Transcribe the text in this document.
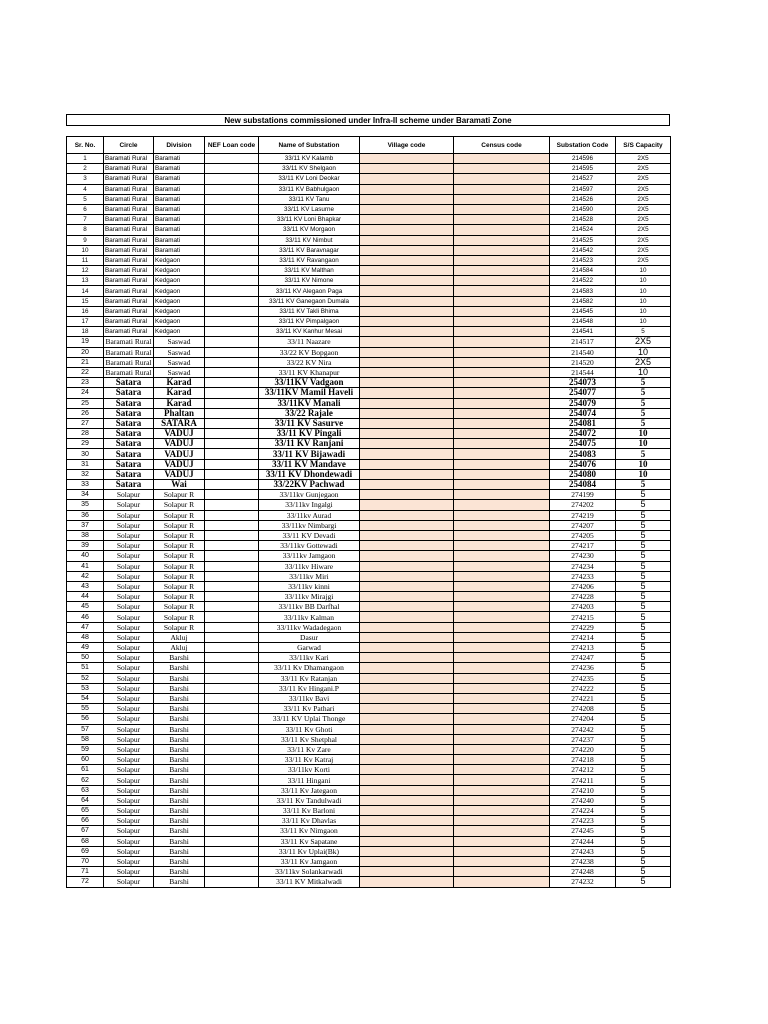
New substations commissioned under Infra-II scheme under Baramati Zone
Sr. No.	Circle	Division	NEF Loan code	Name of Substation	Village code	Census code	Substation Code	S/S Capacity
1	Baramati Rural	Baramati		33/11 KV Kalamb			214596	2X5
2	Baramati Rural	Baramati		33/11 KV Shelgaon			214595	2X5
3	Baramati Rural	Baramati		33/11 KV Loni Deokar			214527	2X5
4	Baramati Rural	Baramati		33/11 KV Babhulgaon			214597	2X5
5	Baramati Rural	Baramati		33/11 KV Tanu			214526	2X5
6	Baramati Rural	Baramati		33/11 KV Lasurne			214590	2X5
7	Baramati Rural	Baramati		33/11 KV Loni Bhapkar			214528	2X5
8	Baramati Rural	Baramati		33/11 KV Morgaon			214524	2X5
9	Baramati Rural	Baramati		33/11 KV Nimbut			214525	2X5
10	Baramati Rural	Baramati		33/11 KV Baravnagar			214542	2X5
11	Baramati Rural	Kedgaon		33/11 KV Ravangaon			214523	2X5
12	Baramati Rural	Kedgaon		33/11 KV Malthan			214584	10
13	Baramati Rural	Kedgaon		33/11 KV Nimone			214522	10
14	Baramati Rural	Kedgaon		33/11 KV Alegaon Paga			214583	10
15	Baramati Rural	Kedgaon		33/11 KV Ganegaon Dumala			214582	10
16	Baramati Rural	Kedgaon		33/11 KV Takli Bhima			214545	10
17	Baramati Rural	Kedgaon		33/11 KV Pimpalgaon			214548	10
18	Baramati Rural	Kedgaon		33/11 KV Kanhur Mesai			214541	5
19	Baramati Rural	Saswad		33/11 Naazare			214517	2X5
20	Baramati Rural	Saswad		33/22 KV Bopgaon			214540	10
21	Baramati Rural	Saswad		33/22 KV Nira			214520	2X5
22	Baramati Rural	Saswad		33/11 KV Khanapur			214544	10
23	Satara	Karad		33/11KV Vadgaon			254073	5
24	Satara	Karad		33/11KV Mamil Haveli			254077	5
25	Satara	Karad		33/11KV Manali			254079	5
26	Satara	Phaltan		33/22 Rajale			254074	5
27	Satara	SATARA		33/11 KV Sasurve			254081	5
28	Satara	VADUJ		33/11 KV Pingali			254072	10
29	Satara	VADUJ		33/11 KV Ranjani			254075	10
30	Satara	VADUJ		33/11 KV Bijawadi			254083	5
31	Satara	VADUJ		33/11 KV Mandave			254076	10
32	Satara	VADUJ		33/11 KV Dhondewadi			254080	10
33	Satara	Wai		33/22KV Pachwad			254084	5
34	Solapur	Solapur R		33/11kv Gunjegaon			274199	5
35	Solapur	Solapur R		33/11kv Ingalgi			274202	5
36	Solapur	Solapur R		33/11kv Aurad			274219	5
37	Solapur	Solapur R		33/11kv Nimbargi			274207	5
38	Solapur	Solapur R		33/11 KV Devadi			274205	5
39	Solapur	Solapur R		33/11kv Gottewadi			274217	5
40	Solapur	Solapur R		33/11kv Jamgaon			274230	5
41	Solapur	Solapur R		33/11kv Hiware			274234	5
42	Solapur	Solapur R		33/11kv Miri			274233	5
43	Solapur	Solapur R		33/11kv kinni			274206	5
44	Solapur	Solapur R		33/11kv Mirajgi			274228	5
45	Solapur	Solapur R		33/11kv BB Darfhal			274203	5
46	Solapur	Solapur R		33/11kv Kalman			274215	5
47	Solapur	Solapur R		33/11kv Wadadegaon			274229	5
48	Solapur	Akluj		Dasur			274214	5
49	Solapur	Akluj		Garwad			274213	5
50	Solapur	Barshi		33/11kv Kari			274247	5
51	Solapur	Barshi		33/11 Kv Dhamangaon			274236	5
52	Solapur	Barshi		33/11 Kv Ratanjan			274235	5
53	Solapur	Barshi		33/11 Kv Hingani.P			274222	5
54	Solapur	Barshi		33/11kv Bavi			274221	5
55	Solapur	Barshi		33/11 Kv Pathari			274208	5
56	Solapur	Barshi		33/11 KV Uplai Thonge			274204	5
57	Solapur	Barshi		33/11 Kv Ghoti			274242	5
58	Solapur	Barshi		33/11 Kv Shetphal			274237	5
59	Solapur	Barshi		33/11 Kv Zare			274220	5
60	Solapur	Barshi		33/11 Kv Katraj			274218	5
61	Solapur	Barshi		33/11kv Korti			274212	5
62	Solapur	Barshi		33/11 Hingani			274211	5
63	Solapur	Barshi		33/11 Kv Jategaon			274210	5
64	Solapur	Barshi		33/11 Kv Tandulwadi			274240	5
65	Solapur	Barshi		33/11 Kv Barloni			274224	5
66	Solapur	Barshi		33/11 Kv Dhavlas			274223	5
67	Solapur	Barshi		33/11 Kv Nimgaon			274245	5
68	Solapur	Barshi		33/11 Kv Sapatane			274244	5
69	Solapur	Barshi		33/11 Kv Uplai(Bk)			274243	5
70	Solapur	Barshi		33/11 Kv Jamgaon			274238	5
71	Solapur	Barshi		33/11kv Solankarwadi			274248	5
72	Solapur	Barshi		33/11 KV Mitkalwadi			274232	5
